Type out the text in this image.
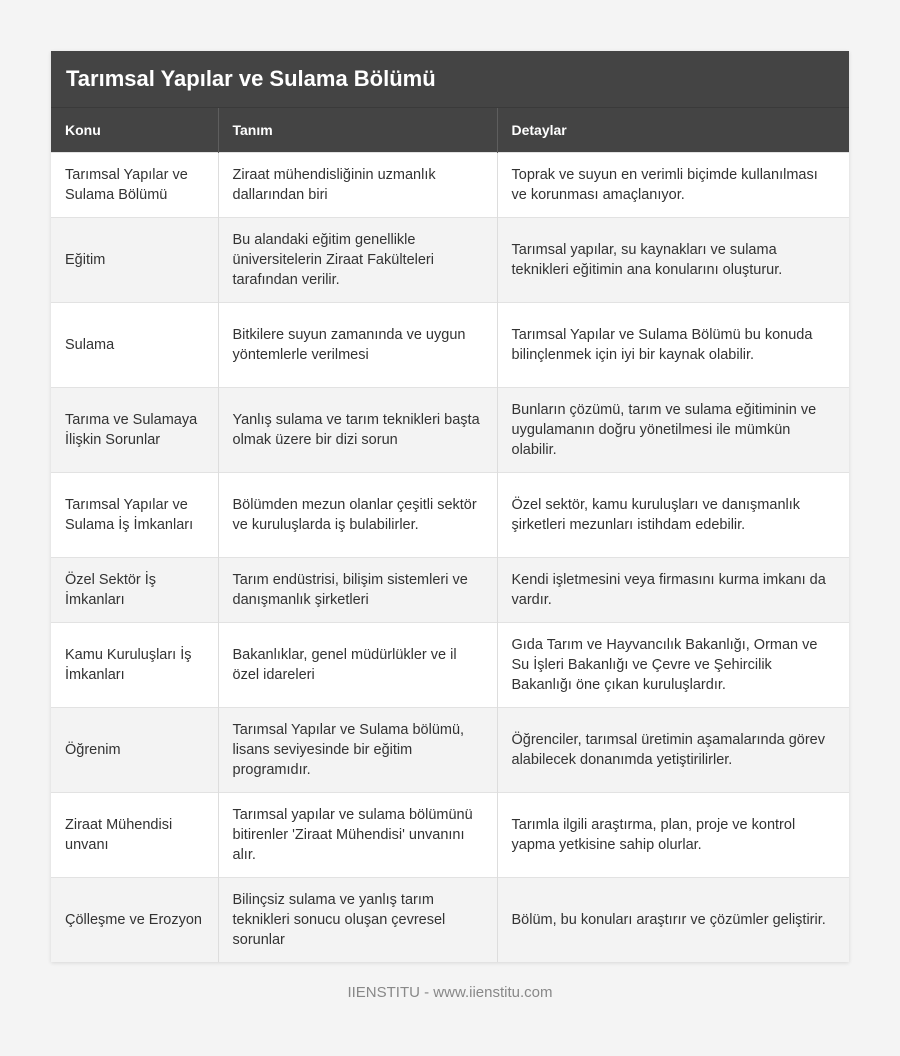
Tarımsal Yapılar ve Sulama Bölümü
Konu	Tanım	Detaylar
Tarımsal Yapılar ve Sulama Bölümü	Ziraat mühendisliğinin uzmanlık dallarından biri	Toprak ve suyun en verimli biçimde kullanılması ve korunması amaçlanıyor.
Eğitim	Bu alandaki eğitim genellikle üniversitelerin Ziraat Fakülteleri tarafından verilir.	Tarımsal yapılar, su kaynakları ve sulama teknikleri eğitimin ana konularını oluşturur.
Sulama	Bitkilere suyun zamanında ve uygun yöntemlerle verilmesi	Tarımsal Yapılar ve Sulama Bölümü bu konuda bilinçlenmek için iyi bir kaynak olabilir.
Tarıma ve Sulamaya İlişkin Sorunlar	Yanlış sulama ve tarım teknikleri başta olmak üzere bir dizi sorun	Bunların çözümü, tarım ve sulama eğitiminin ve uygulamanın doğru yönetilmesi ile mümkün olabilir.
Tarımsal Yapılar ve Sulama İş İmkanları	Bölümden mezun olanlar çeşitli sektör ve kuruluşlarda iş bulabilirler.	Özel sektör, kamu kuruluşları ve danışmanlık şirketleri mezunları istihdam edebilir.
Özel Sektör İş İmkanları	Tarım endüstrisi, bilişim sistemleri ve danışmanlık şirketleri	Kendi işletmesini veya firmasını kurma imkanı da vardır.
Kamu Kuruluşları İş İmkanları	Bakanlıklar, genel müdürlükler ve il özel idareleri	Gıda Tarım ve Hayvancılık Bakanlığı, Orman ve Su İşleri Bakanlığı ve Çevre ve Şehircilik Bakanlığı öne çıkan kuruluşlardır.
Öğrenim	Tarımsal Yapılar ve Sulama bölümü, lisans seviyesinde bir eğitim programıdır.	Öğrenciler, tarımsal üretimin aşamalarında görev alabilecek donanımda yetiştirilirler.
Ziraat Mühendisi unvanı	Tarımsal yapılar ve sulama bölümünü bitirenler 'Ziraat Mühendisi' unvanını alır.	Tarımla ilgili araştırma, plan, proje ve kontrol yapma yetkisine sahip olurlar.
Çölleşme ve Erozyon	Bilinçsiz sulama ve yanlış tarım teknikleri sonucu oluşan çevresel sorunlar	Bölüm, bu konuları araştırır ve çözümler geliştirir.
IIENSTITU - www.iienstitu.com
